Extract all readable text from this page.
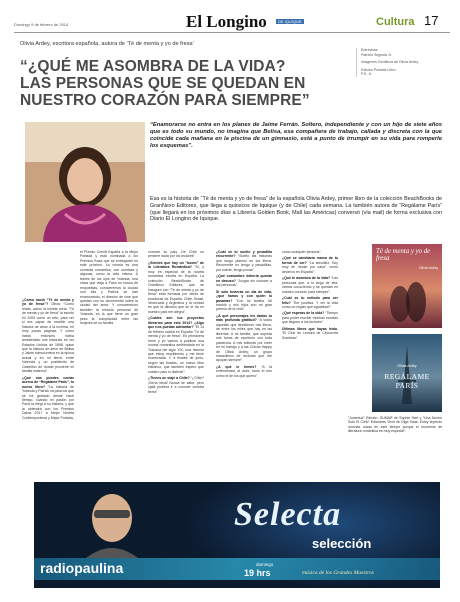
Domingo 9 de febrero de 2014	El Longino	DE IQUIQUE	Cultura 17
Olivia Ardey, escritora española, autora de 'Té de menta y yo de fresa'
Entrevista:
Patricio Segovia Jr.
Imágenes Gentileza de Olivia Ardey.
Edición Portada Libro:
P.S. Jr.
“¿QUÉ ME ASOMBRA DE LA VIDA?
LAS PERSONAS QUE SE QUEDAN EN
NUESTRO CORAZÓN PARA SIEMPRE”
“Enamorarse no entra en los planes de Jaime Ferrán. Soltero, independiente y con un hijo de siete años que es todo su mundo, no imagina que Belisa, esa compañera de trabajo, callada y discreta con la que coincide cada mañana en la piscina de un gimnasio, está a punto de irrumpir en su vida para romperle los esquemas”.
Esa es la historia de “Té de menta y yo de fresa” de la española Olivia Ardey, primer libro de la colección BeachBooks de GranNexo Editores, que llega a quioscos de Iquique (y de Chile) cada semana. La también autora de “Regálame París” (que llegará en los próximos días a Librería Golden Book, Mall las Américas) conversó (vía mail) de forma exclusiva con Diario El Longino de Iquique.

¿Cómo nació “Té de menta y yo de fresa”? Olivia: “Como relato, adoro la novela corta. “Té de menta y yo de fresa” la escribí en 2009 como un reto, para ver si era capaz de escribir una historia de amor a la inversa, en muy pocas páginas. Y como hasta entonces había ambientado mis historias en los Estados Unidos de 1898, quise que la historia de amor de Belisa y Jaime transcurriera en la época actual y en mi tierra, entre Valencia y un pueblecito de Castellón de donde proviene mi familia materna”.

¿Qué nos puedes contar acerca de “Regálame París”, tu nuevo libro? “La historia de Yolanda y Patrick va para los que se ha gestado desde hace tiempo, cuando mi pasión por París la elegí a su historia, y que la obtendrá con los Premios Dama 2017 a Mejor Novela Contemporánea y Mejor Portada,

el Premio Crecitt España a la Mejor Portada y está nominada a los Premios Rosa que se entregarán en este próximo. La novela es una comedia romántica, con sonrisas y algunas, como la vida misma. A través de los ojos de Yolanda, una chica que viaja a París en busca de respuestas, conoceremos la ciudad con ella y Patrick se irán enamorando, el director de cine que quedan con su documental sobre la ciudad del amor. Y conoceremos también la historia personal de Yolanda, en la que tiene un gran peso la complicidad entre las mujeres de su familia

conocer su país. De Chile no perderé nada por los lectores”.

¿Sientes que hay un “boom” de la Literatura Romántica? “Sí, y muy en especial de la novela romántica escrita en España. La colección BeachBooks de GranNexo Editores, que se inauguró con “Té de menta y yo de fresa” está formada por obras de escritoras de España, Chile, Brasil, Venezuela y Argentina y la verdad es que la difusión que se le da en nuestro país me alegra”.

¿Cuáles son tus proyectos literarios para este 2014? ¿Algo que nos puedas adelantar? “El 14 de febrero saldrá en España “Té de menta y yo de fresa”. En primavera Irene y yo vamos a publicar una novela romántica ambientada en la Toscana del siglo XIX, una historia que estoy escribiendo y me tiene enamorada. Y a finales de junio, según las tiradas, un nuevo libro histórico, que también espero que vuestro país lo disfrute”.

¿Tienes un viaje a Chile? “¿Chile? ¡Sería ideal! Nunca se sabe, pero ojalá pudiera ir a conocer vuestra tierra”.

¿Cuál es tu sueño y pesadilla recurrente? “Sueño las historias que luego plasmo en los libros. Recurrente no tengo y pesadillas, por suerte, tengo pocas”.

¿Qué costumbre debería quedar en desuso? “Juzgar sin conocer a las personas”.

Si solo tuvieras un día de vida, ¿qué harías y con quién lo pasarías? “Con mi familia. Mi marido y mis hijos son mi gran premio de la vida”.

¿A qué personajes les darías tu más profunda gratitud? “A todas aquellas que decidieron mis libros, de entre los miles que hay en las librerías. A mi familia, que soporta mis horas de escritorio con toda paciencia. A mis editoras por creer en mi trabajo y a las Chicas Happy de Olivia Ardey, un grupo maravilloso de lectoras que me apoyan siempre”.

¿A qué le temes? “A la enfermedad, al dolor, tanto el mío como el de los que quiero”.

como cualquier persona”.

¿Qué se cambiaría marca de tu forma de ser? “La sencillez. Soy muy de “andar por casa”, como decimos en España”.

¿Qué te asombra de la vida? “Las personas que, a lo largo de ella, vamos conociendo y se quedan en nuestro corazón para siempre”.

¿Cuál es tu método para ser feliz? “Ser positiva. Y ver la vida como un regalo que agradecer”.

¿Qué esperas de la vida? “Tiempo para poder escribir muchas novelas que lleguen a los lectores”.

Últimos libros que hayas leído. “El Club de Lectura de Cincuenta Sombras”.

“Juventud” Edición: SUMAR de Sophie Hart y “Una Noche Solo El Cielo” Ediciones Vivid de Olga Salar. Estoy leyendo muchas cosas en este tiempo porque el momento de literatura romántica es muy especial”.

Té de menta y yo de fresa
Olivia Ardey
Olivia Ardey
REGÁLAME PARÍS
radiopaulina	domingo
19 hrs
Selecta
selección
música de los Grandes Maestros
